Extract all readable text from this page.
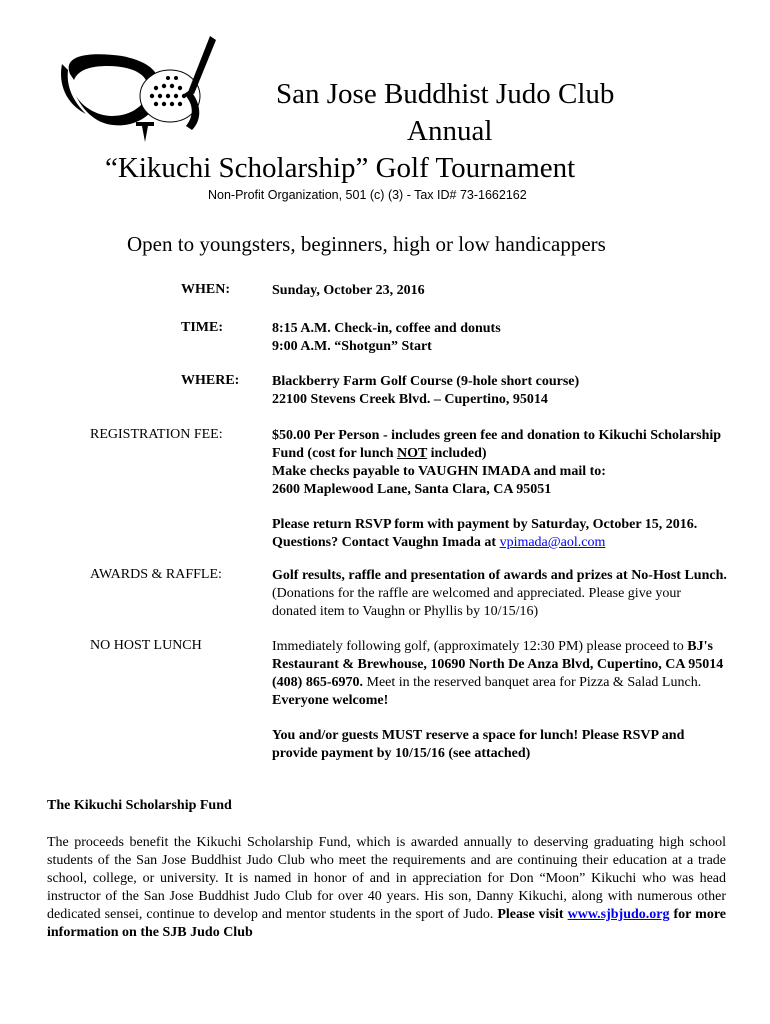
San Jose Buddhist Judo Club
Annual
“Kikuchi Scholarship” Golf Tournament
Non-Profit Organization, 501 (c) (3) - Tax ID# 73-1662162
Open to youngsters, beginners, high or low handicappers
WHEN:	Sunday, October 23, 2016
TIME:	8:15 A.M. Check-in, coffee and donuts
9:00 A.M. “Shotgun” Start
WHERE: Blackberry Farm Golf Course (9-hole short course)
22100 Stevens Creek Blvd. – Cupertino, 95014
REGISTRATION FEE:	$50.00 Per Person - includes green fee and donation to Kikuchi Scholarship Fund (cost for lunch NOT included)
Make checks payable to VAUGHN IMADA and mail to:
2600 Maplewood Lane, Santa Clara, CA 95051
Please return RSVP form with payment by Saturday, October 15, 2016. Questions? Contact Vaughn Imada at vpimada@aol.com
AWARDS & RAFFLE:	Golf results, raffle and presentation of awards and prizes at No-Host Lunch. (Donations for the raffle are welcomed and appreciated. Please give your donated item to Vaughn or Phyllis by 10/15/16)
NO HOST LUNCH	Immediately following golf, (approximately 12:30 PM) please proceed to BJ's Restaurant & Brewhouse, 10690 North De Anza Blvd, Cupertino, CA 95014 (408) 865-6970. Meet in the reserved banquet area for Pizza & Salad Lunch. Everyone welcome!
You and/or guests MUST reserve a space for lunch! Please RSVP and provide payment by 10/15/16 (see attached)
The Kikuchi Scholarship Fund
The proceeds benefit the Kikuchi Scholarship Fund, which is awarded annually to deserving graduating high school students of the San Jose Buddhist Judo Club who meet the requirements and are continuing their education at a trade school, college, or university. It is named in honor of and in appreciation for Don “Moon” Kikuchi who was head instructor of the San Jose Buddhist Judo Club for over 40 years. His son, Danny Kikuchi, along with numerous other dedicated sensei, continue to develop and mentor students in the sport of Judo. Please visit www.sjbjudo.org for more information on the SJB Judo Club
